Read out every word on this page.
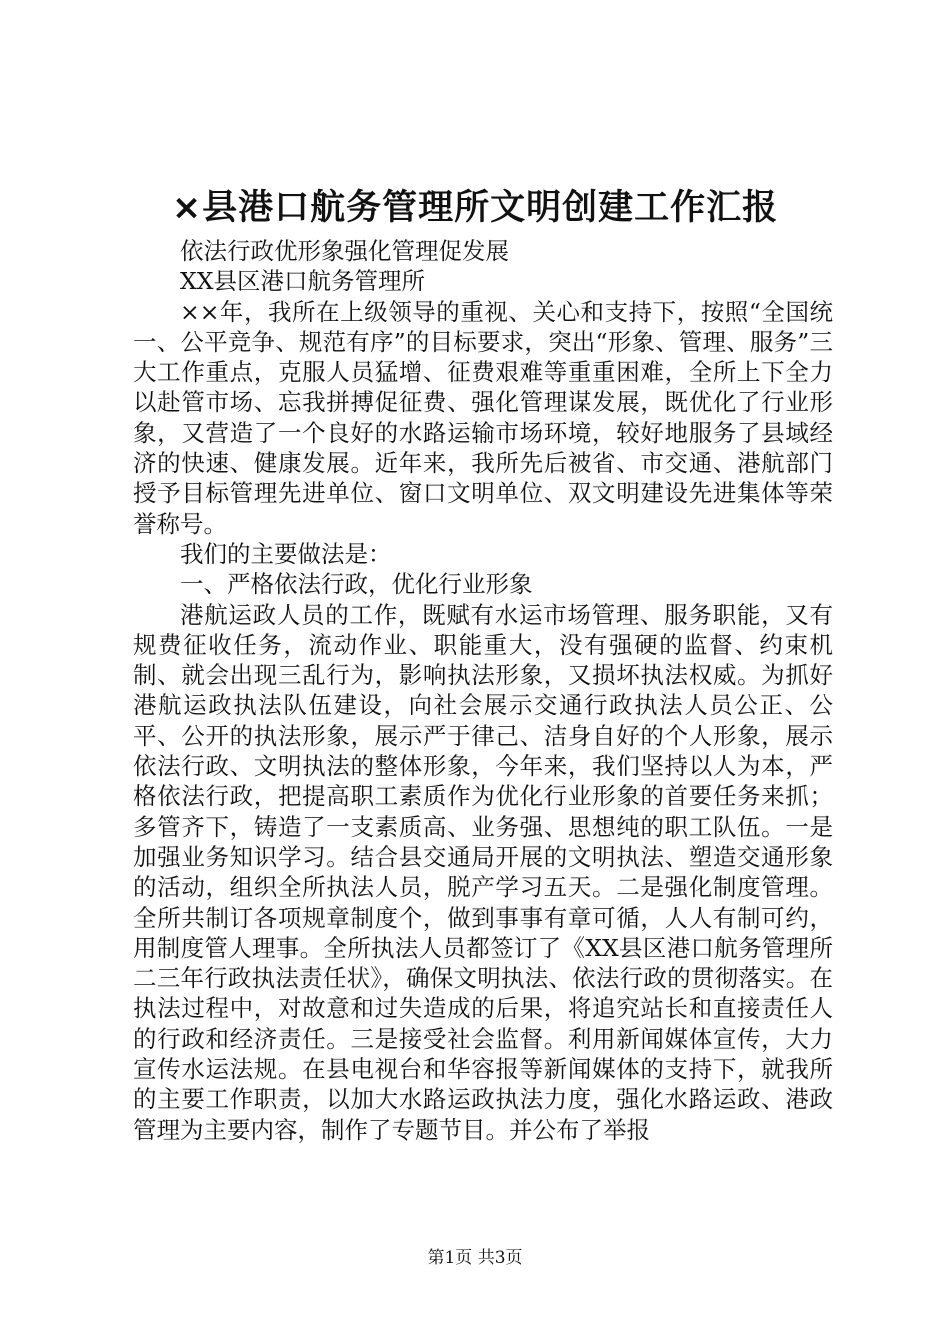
×县港口航务管理所文明创建工作汇报

依法行政优形象强化管理促发展

XX县区港口航务管理所

××年，我所在上级领导的重视、关心和支持下，按照“全国统一、公平竞争、规范有序”的目标要求，突出“形象、管理、服务”三大工作重点，克服人员猛增、征费艰难等重重困难，全所上下全力以赴管市场、忘我拼搏促征费、强化管理谋发展，既优化了行业形象，又营造了一个良好的水路运输市场环境，较好地服务了县域经济的快速、健康发展。近年来，我所先后被省、市交通、港航部门授予目标管理先进单位、窗口文明单位、双文明建设先进集体等荣誉称号。

我们的主要做法是：

一、严格依法行政，优化行业形象

港航运政人员的工作，既赋有水运市场管理、服务职能，又有规费征收任务，流动作业、职能重大，没有强硬的监督、约束机制、就会出现三乱行为，影响执法形象，又损坏执法权威。为抓好港航运政执法队伍建设，向社会展示交通行政执法人员公正、公平、公开的执法形象，展示严于律己、洁身自好的个人形象，展示依法行政、文明执法的整体形象，今年来，我们坚持以人为本，严格依法行政，把提高职工素质作为优化行业形象的首要任务来抓；多管齐下，铸造了一支素质高、业务强、思想纯的职工队伍。一是加强业务知识学习。结合县交通局开展的文明执法、塑造交通形象的活动，组织全所执法人员，脱产学习五天。二是强化制度管理。全所共制订各项规章制度个，做到事事有章可循，人人有制可约，用制度管人理事。全所执法人员都签订了《XX县区港口航务管理所二三年行政执法责任状》，确保文明执法、依法行政的贯彻落实。在执法过程中，对故意和过失造成的后果，将追究站长和直接责任人的行政和经济责任。三是接受社会监督。利用新闻媒体宣传，大力宣传水运法规。在县电视台和华容报等新闻媒体的支持下，就我所的主要工作职责，以加大水路运政执法力度，强化水路运政、港政管理为主要内容，制作了专题节目。并公布了举报

第1页 共3页
